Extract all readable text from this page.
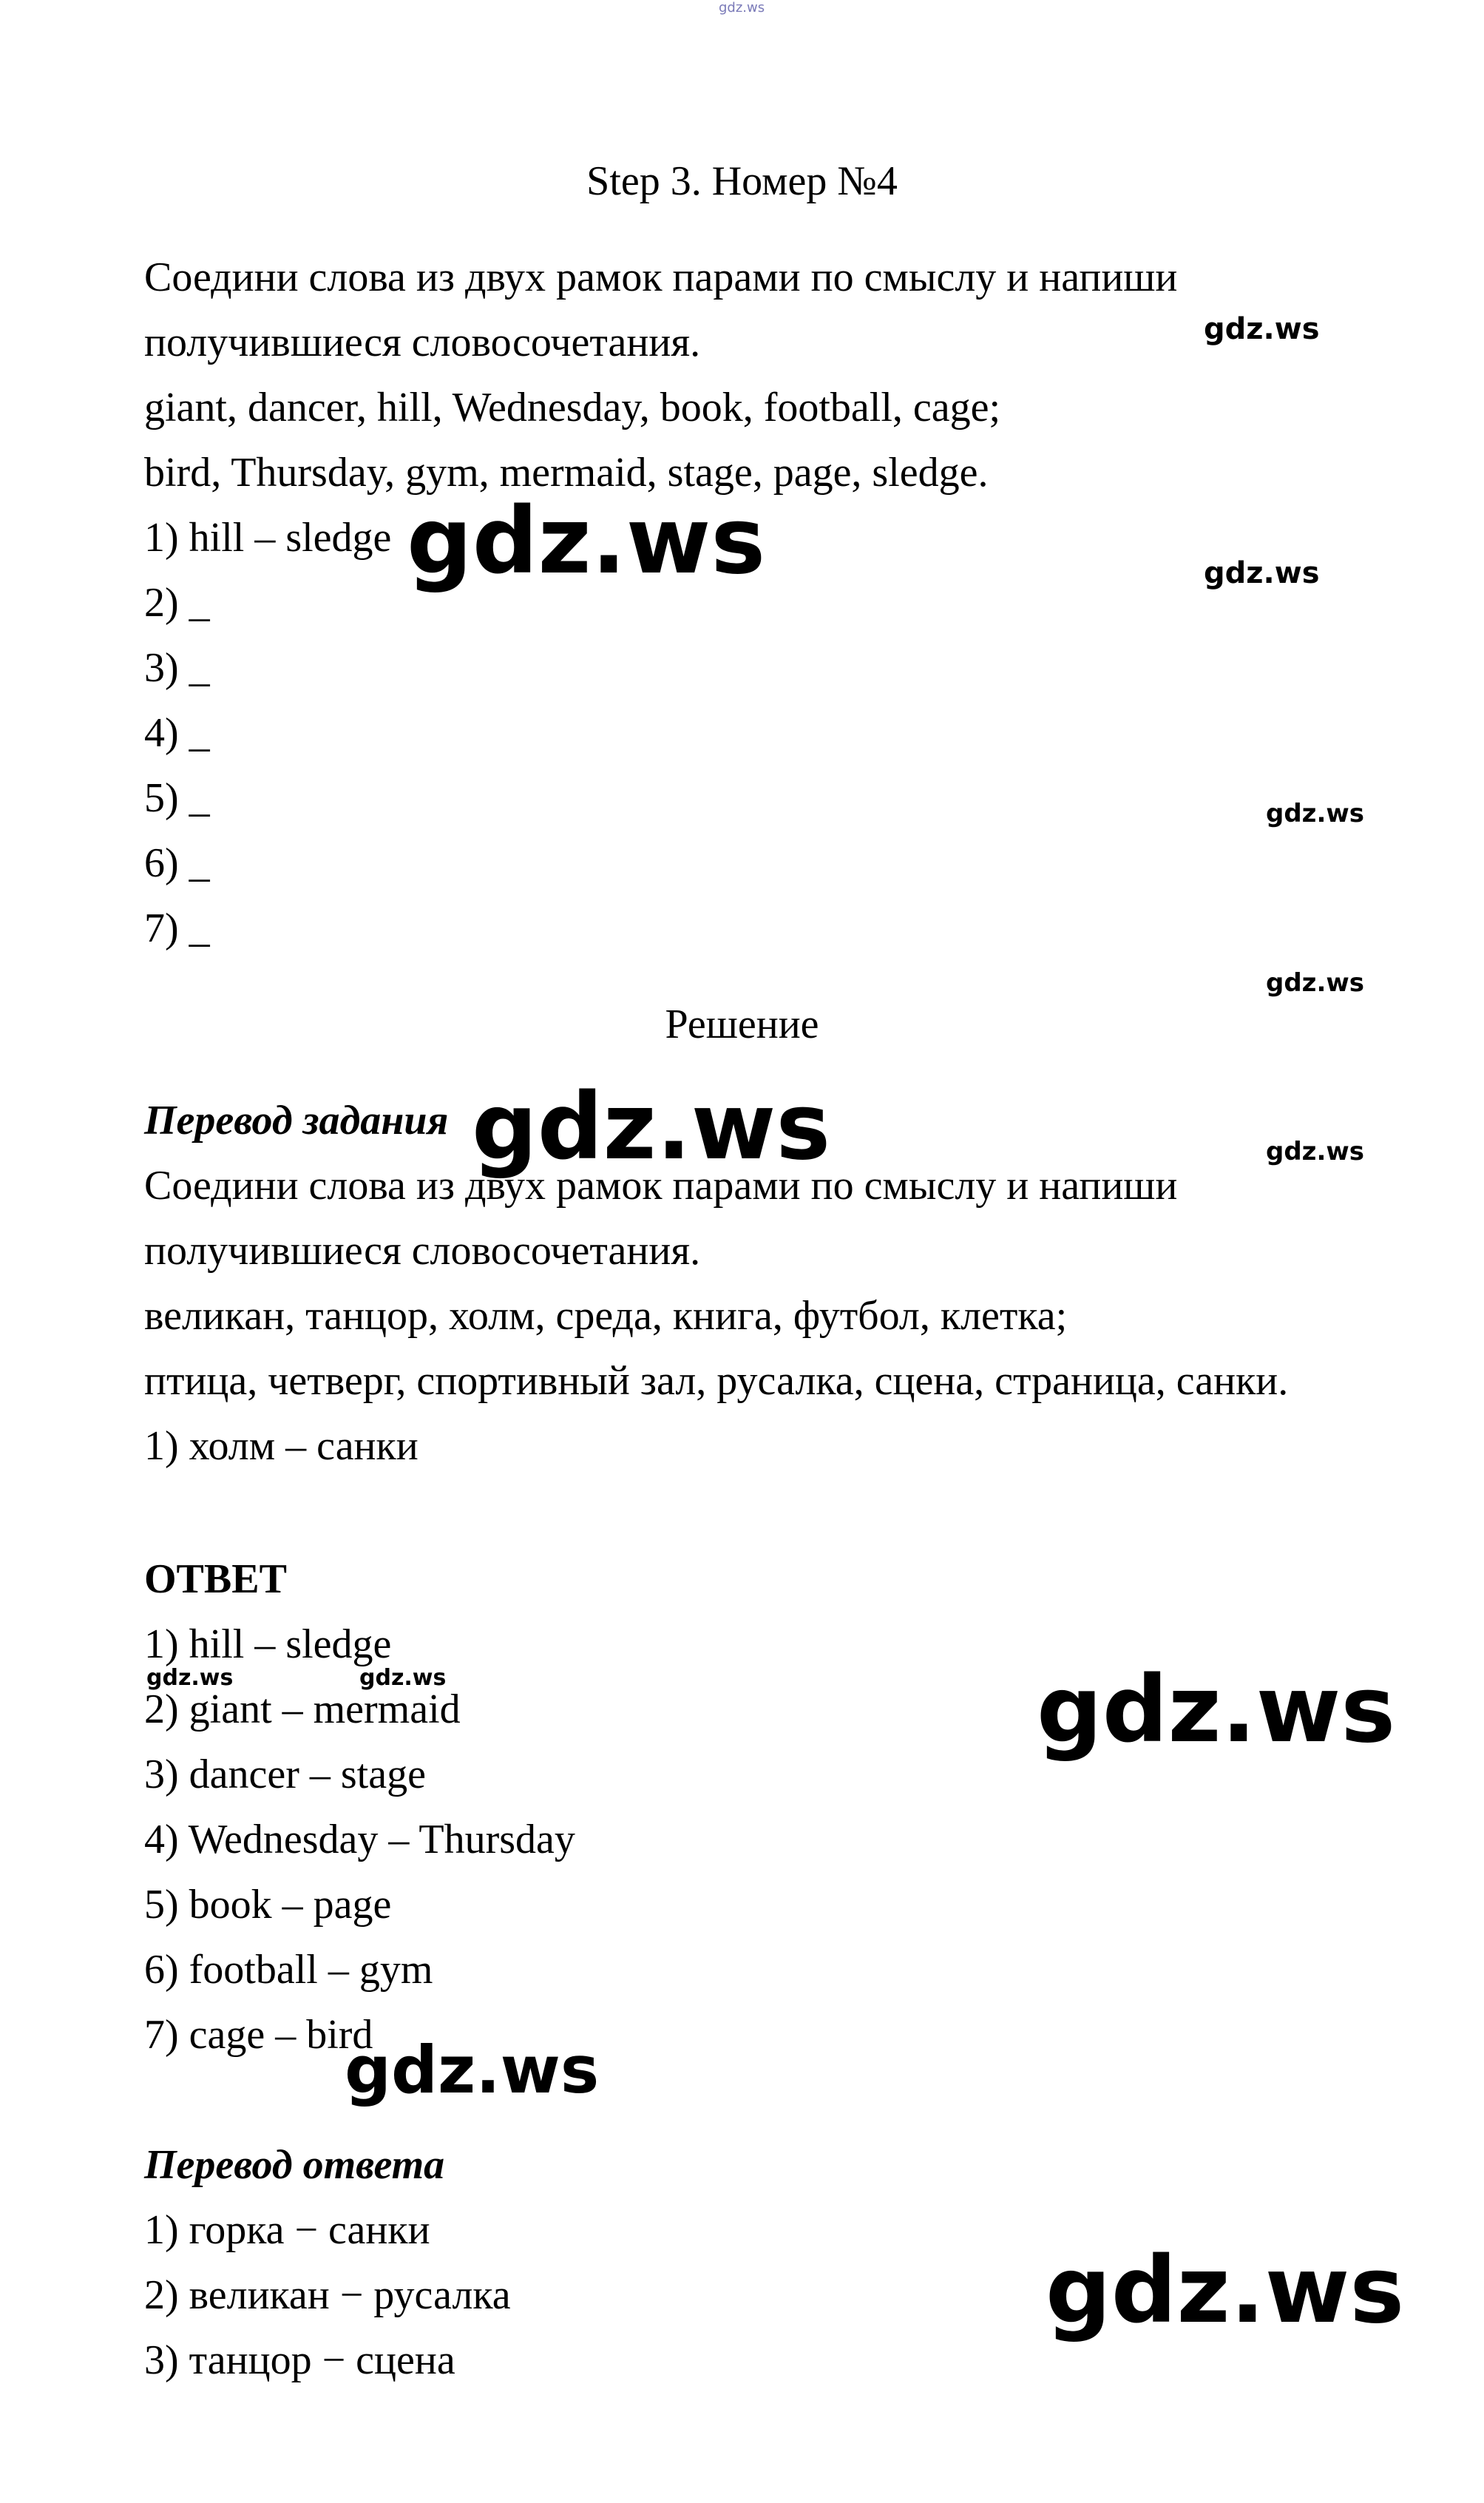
gdz.ws
Step 3. Номер №4
Соедини слова из двух рамок парами по смыслу и напиши
получившиеся словосочетания.
giant, dancer, hill, Wednesday, book, football, cage;
bird, Thursday, gym, mermaid, stage, page, sledge.
1) hill – sledge
2) _
3) _
4) _
5) _
6) _
7) _
Решение
Перевод задания
Соедини слова из двух рамок парами по смыслу и напиши
получившиеся словосочетания.
великан, танцор, холм, среда, книга, футбол, клетка;
птица, четверг, спортивный зал, русалка, сцена, страница, санки.
1) холм – санки
ОТВЕТ
1) hill – sledge
2) giant – mermaid
3) dancer – stage
4) Wednesday – Thursday
5) book – page
6) football – gym
7) cage – bird
Перевод ответа
1) горка − санки
2) великан − русалка
3) танцор − сцена
gdz.ws
gdz.ws	gdz.ws
gdz.ws
gdz.ws
gdz.ws	gdz.ws
gdz.ws	gdz.ws	gdz.ws
gdz.ws
gdz.ws
